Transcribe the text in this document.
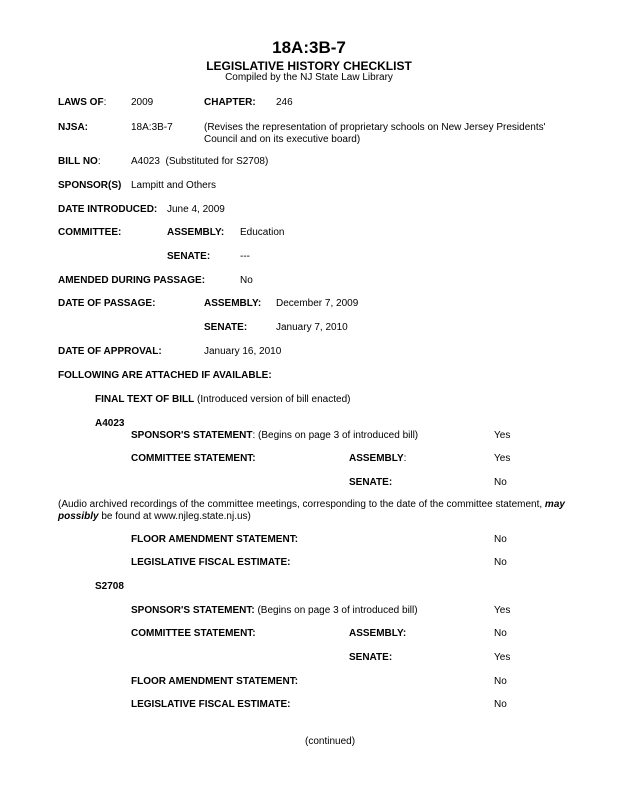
18A:3B-7
LEGISLATIVE HISTORY CHECKLIST
Compiled by the NJ State Law Library
LAWS OF: 2009	CHAPTER: 246
NJSA:	18A:3B-7	(Revises the representation of proprietary schools on New Jersey Presidents' Council and on its executive board)
BILL NO:	A4023 (Substituted for S2708)
SPONSOR(S) Lampitt and Others
DATE INTRODUCED: June 4, 2009
COMMITTEE:	ASSEMBLY: Education
SENATE:	---
AMENDED DURING PASSAGE:	No
DATE OF PASSAGE:	ASSEMBLY: December 7, 2009
SENATE:	January 7, 2010
DATE OF APPROVAL:	January 16, 2010
FOLLOWING ARE ATTACHED IF AVAILABLE:
FINAL TEXT OF BILL (Introduced version of bill enacted)
A4023
SPONSOR'S STATEMENT: (Begins on page 3 of introduced bill)	Yes
COMMITTEE STATEMENT:	ASSEMBLY:	Yes
SENATE:	No
(Audio archived recordings of the committee meetings, corresponding to the date of the committee statement, may possibly be found at www.njleg.state.nj.us)
FLOOR AMENDMENT STATEMENT:	No
LEGISLATIVE FISCAL ESTIMATE:	No
S2708
SPONSOR'S STATEMENT: (Begins on page 3 of introduced bill)	Yes
COMMITTEE STATEMENT:	ASSEMBLY:	No
SENATE:	Yes
FLOOR AMENDMENT STATEMENT:	No
LEGISLATIVE FISCAL ESTIMATE:	No
(continued)
